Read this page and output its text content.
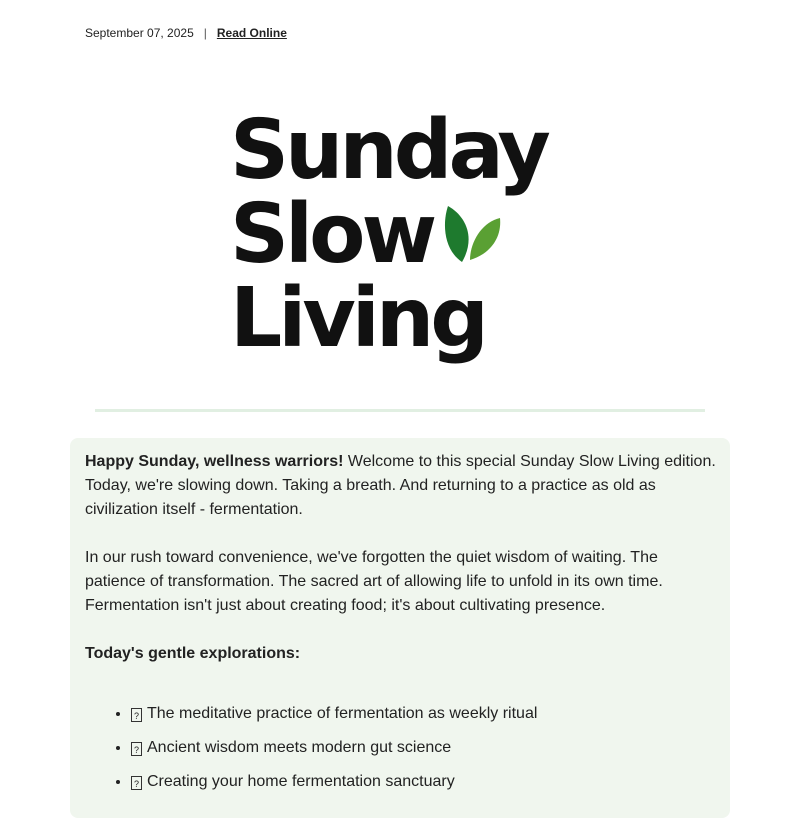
September 07, 2025 | Read Online
Sunday
Slow
Living

Happy Sunday, wellness warriors! Welcome to this special Sunday Slow Living edition. Today, we're slowing down. Taking a breath. And returning to a practice as old as civilization itself - fermentation.

In our rush toward convenience, we've forgotten the quiet wisdom of waiting. The patience of transformation. The sacred art of allowing life to unfold in its own time. Fermentation isn't just about creating food; it's about cultivating presence.

Today's gentle explorations:
• ? The meditative practice of fermentation as weekly ritual
• ? Ancient wisdom meets modern gut science
• ? Creating your home fermentation sanctuary
